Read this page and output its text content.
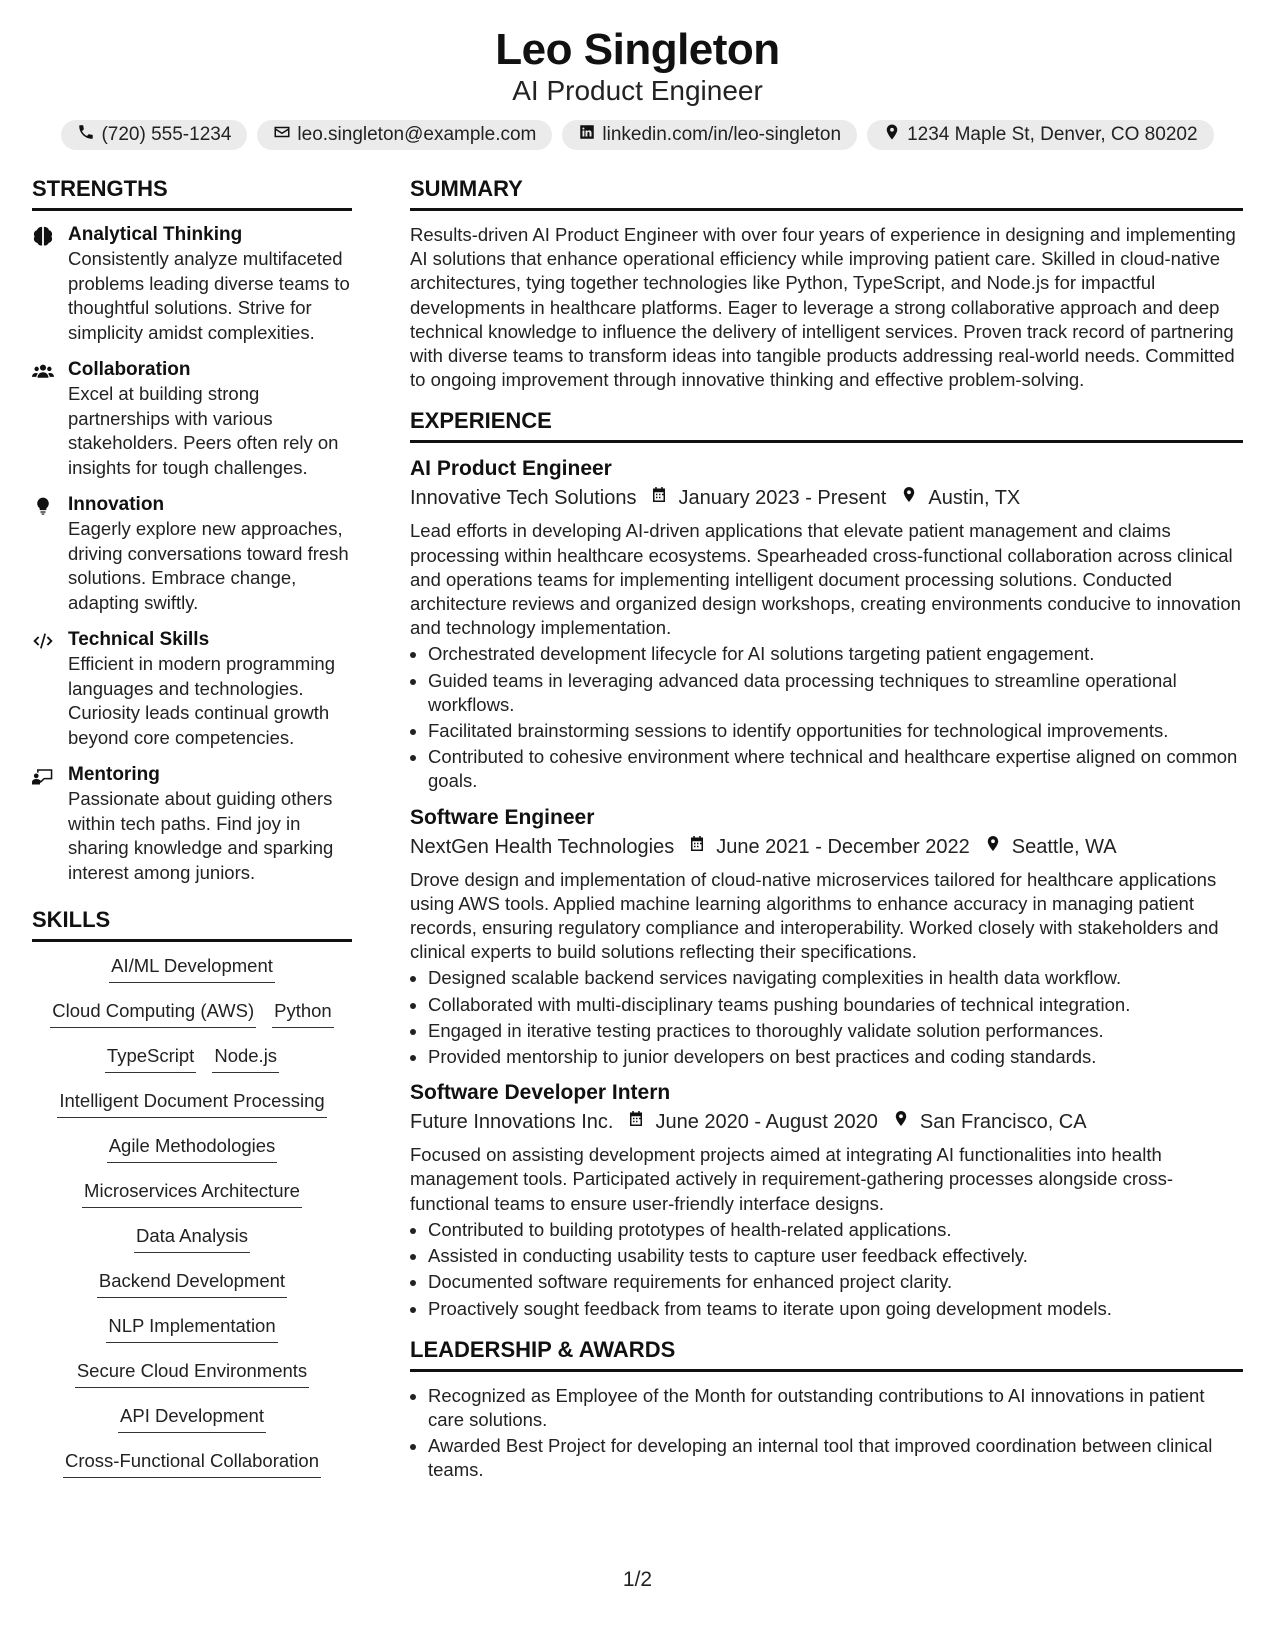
Leo Singleton
AI Product Engineer
(720) 555-1234	leo.singleton@example.com	linkedin.com/in/leo-singleton	1234 Maple St, Denver, CO 80202
STRENGTHS
Analytical Thinking
Consistently analyze multifaceted problems leading diverse teams to thoughtful solutions. Strive for simplicity amidst complexities.
Collaboration
Excel at building strong partnerships with various stakeholders. Peers often rely on insights for tough challenges.
Innovation
Eagerly explore new approaches, driving conversations toward fresh solutions. Embrace change, adapting swiftly.
Technical Skills
Efficient in modern programming languages and technologies. Curiosity leads continual growth beyond core competencies.
Mentoring
Passionate about guiding others within tech paths. Find joy in sharing knowledge and sparking interest among juniors.
SKILLS
AI/ML Development
Cloud Computing (AWS) Python
TypeScript Node.js
Intelligent Document Processing
Agile Methodologies
Microservices Architecture
Data Analysis
Backend Development
NLP Implementation
Secure Cloud Environments
API Development
Cross-Functional Collaboration
SUMMARY

Results-driven AI Product Engineer with over four years of experience in designing and implementing AI solutions that enhance operational efficiency while improving patient care. Skilled in cloud-native architectures, tying together technologies like Python, TypeScript, and Node.js for impactful developments in healthcare platforms. Eager to leverage a strong collaborative approach and deep technical knowledge to influence the delivery of intelligent services. Proven track record of partnering with diverse teams to transform ideas into tangible products addressing real-world needs. Committed to ongoing improvement through innovative thinking and effective problem-solving.

EXPERIENCE
AI Product Engineer
Innovative Tech Solutions January 2023 - Present Austin, TX
Lead efforts in developing AI-driven applications that elevate patient management and claims processing within healthcare ecosystems. Spearheaded cross-functional collaboration across clinical and operations teams for implementing intelligent document processing solutions. Conducted architecture reviews and organized design workshops, creating environments conducive to innovation and technology implementation.
• Orchestrated development lifecycle for AI solutions targeting patient engagement.
• Guided teams in leveraging advanced data processing techniques to streamline operational workflows.
• Facilitated brainstorming sessions to identify opportunities for technological improvements.
• Contributed to cohesive environment where technical and healthcare expertise aligned on common goals.
Software Engineer
NextGen Health Technologies June 2021 - December 2022 Seattle, WA
Drove design and implementation of cloud-native microservices tailored for healthcare applications using AWS tools. Applied machine learning algorithms to enhance accuracy in managing patient records, ensuring regulatory compliance and interoperability. Worked closely with stakeholders and clinical experts to build solutions reflecting their specifications.
• Designed scalable backend services navigating complexities in health data workflow.
• Collaborated with multi-disciplinary teams pushing boundaries of technical integration.
• Engaged in iterative testing practices to thoroughly validate solution performances.
• Provided mentorship to junior developers on best practices and coding standards.
Software Developer Intern
Future Innovations Inc. June 2020 - August 2020 San Francisco, CA
Focused on assisting development projects aimed at integrating AI functionalities into health management tools. Participated actively in requirement-gathering processes alongside cross-functional teams to ensure user-friendly interface designs.
• Contributed to building prototypes of health-related applications.
• Assisted in conducting usability tests to capture user feedback effectively.
• Documented software requirements for enhanced project clarity.
• Proactively sought feedback from teams to iterate upon going development models.
LEADERSHIP & AWARDS
• Recognized as Employee of the Month for outstanding contributions to AI innovations in patient care solutions.
• Awarded Best Project for developing an internal tool that improved coordination between clinical teams.
1/2
